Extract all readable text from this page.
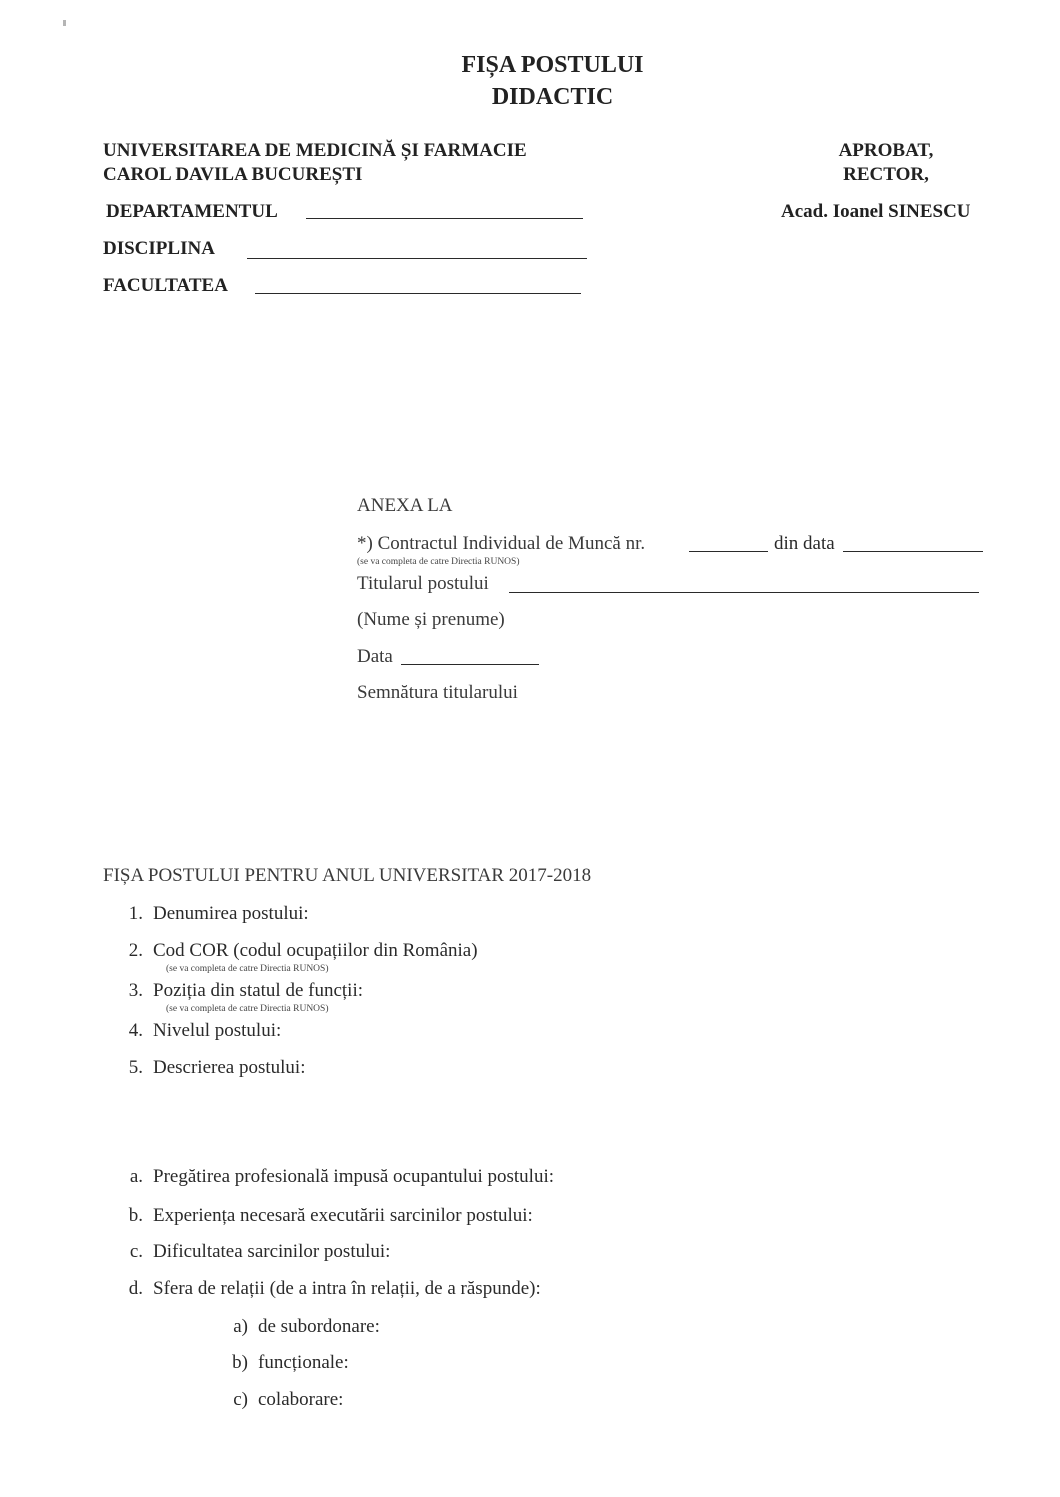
FIȘA POSTULUI
DIDACTIC
UNIVERSITAREA DE MEDICINĂ ȘI FARMACIE
CAROL DAVILA BUCUREȘTI
APROBAT,
RECTOR,
Acad. Ioanel SINESCU
DEPARTAMENTUL
DISCIPLINA
FACULTATEA
ANEXA LA
*) Contractul Individual de Muncă nr.	din data
(se va completa de catre Directia RUNOS)
Titularul postului
(Nume și prenume)
Data
Semnătura titularului
FIȘA POSTULUI PENTRU ANUL UNIVERSITAR 2017-2018
1. Denumirea postului:
2. Cod COR (codul ocupațiilor din România)
(se va completa de catre Directia RUNOS)
3. Poziția din statul de funcții:
(se va completa de catre Directia RUNOS)
4. Nivelul postului:
5. Descrierea postului:
a. Pregătirea profesională impusă ocupantului postului:
b. Experiența necesară executării sarcinilor postului:
c. Dificultatea sarcinilor postului:
d. Sfera de relații (de a intra în relații, de a răspunde):
a) de subordonare:
b) funcționale:
c) colaborare:
